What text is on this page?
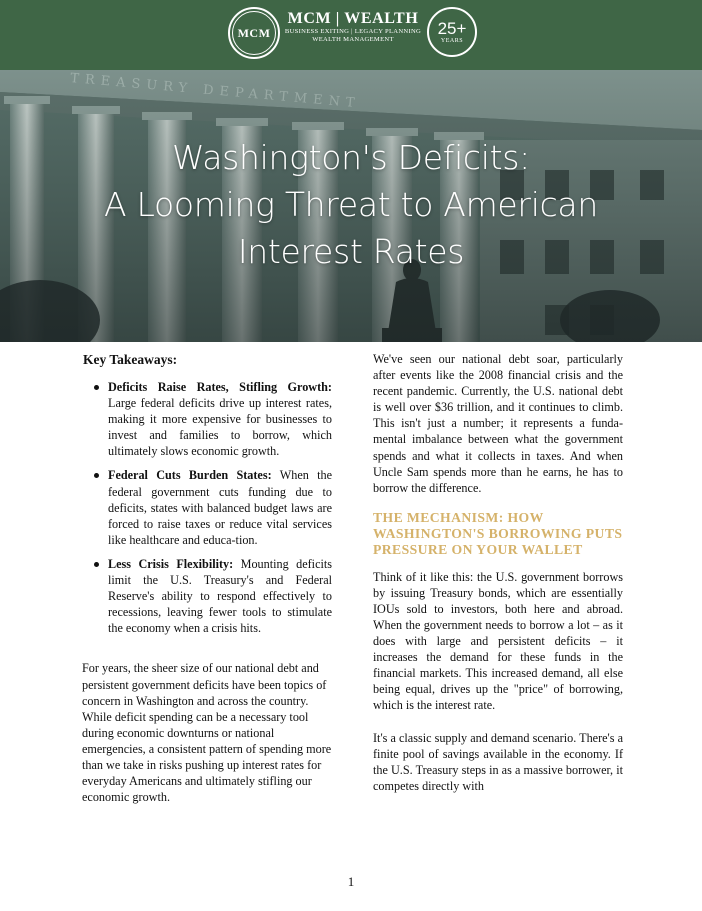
MCM
MCM | WEALTH
BUSINESS EXITING | LEGACY PLANNING
WEALTH MANAGEMENT
25+
YEARS
Washington's Deficits:
A Looming Threat to American
Interest Rates
Key Takeaways:
Deficits Raise Rates, Stifling Growth: Large federal deficits drive up interest rates, making it more expensive for businesses to invest and families to borrow, which ultimately slows economic growth.
Federal Cuts Burden States: When the federal government cuts funding due to deficits, states with balanced budget laws are forced to raise taxes or reduce vital services like healthcare and educa-tion.
Less Crisis Flexibility: Mounting deficits limit the U.S. Treasury's and Federal Reserve's ability to respond effectively to recessions, leaving fewer tools to stimulate the economy when a crisis hits.

For years, the sheer size of our national debt and persistent government deficits have been topics of concern in Washington and across the country. While deficit spending can be a necessary tool during economic downturns or national emergencies, a consistent pattern of spending more than we take in risks pushing up interest rates for everyday Americans and ultimately stifling our economic growth.

We've seen our national debt soar, particularly after events like the 2008 financial crisis and the recent pandemic. Currently, the U.S. national debt is well over $36 trillion, and it continues to climb. This isn't just a number; it represents a funda-mental imbalance between what the government spends and what it collects in taxes. And when Uncle Sam spends more than he earns, he has to borrow the difference.

THE MECHANISM: HOW WASHINGTON'S BORROWING PUTS PRESSURE ON YOUR WALLET

Think of it like this: the U.S. government borrows by issuing Treasury bonds, which are essentially IOUs sold to investors, both here and abroad. When the government needs to borrow a lot – as it does with large and persistent deficits – it increases the demand for these funds in the financial markets. This increased demand, all else being equal, drives up the "price" of borrowing, which is the interest rate.

It's a classic supply and demand scenario. There's a finite pool of savings available in the economy. If the U.S. Treasury steps in as a massive borrower, it competes directly with

1
